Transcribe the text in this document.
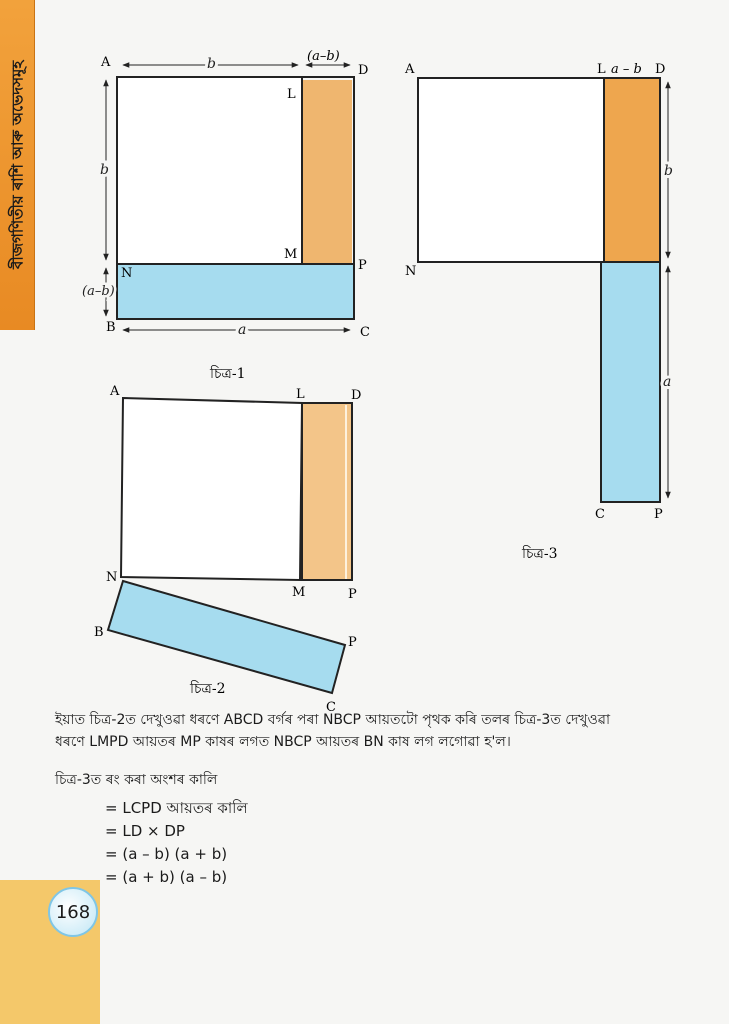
বীজগণিতীয় ৰাশি আৰু অভেদসমূহ
168
A
D
L
M
N
P
B	C
b	(a–b)
b
(a–b)
a
চিত্ৰ-1
A	L a – b D
N
b
a
C	P
চিত্ৰ-3
A	L	D
N
M	P
B
P
C
চিত্ৰ-2

ইয়াত চিত্ৰ-2ত দেখুওৱা ধৰণে ABCD বৰ্গৰ পৰা NBCP আয়তটো পৃথক কৰি তলৰ চিত্ৰ-3ত দেখুওৱা

ধৰণে LMPD আয়তৰ MP কাষৰ লগত NBCP আয়তৰ BN কাষ লগ লগোৱা হ'ল।

চিত্ৰ-3ত ৰং কৰা অংশৰ কালি
= LCPD আয়তৰ কালি
= LD × DP
= (a – b) (a + b)
= (a + b) (a – b)
